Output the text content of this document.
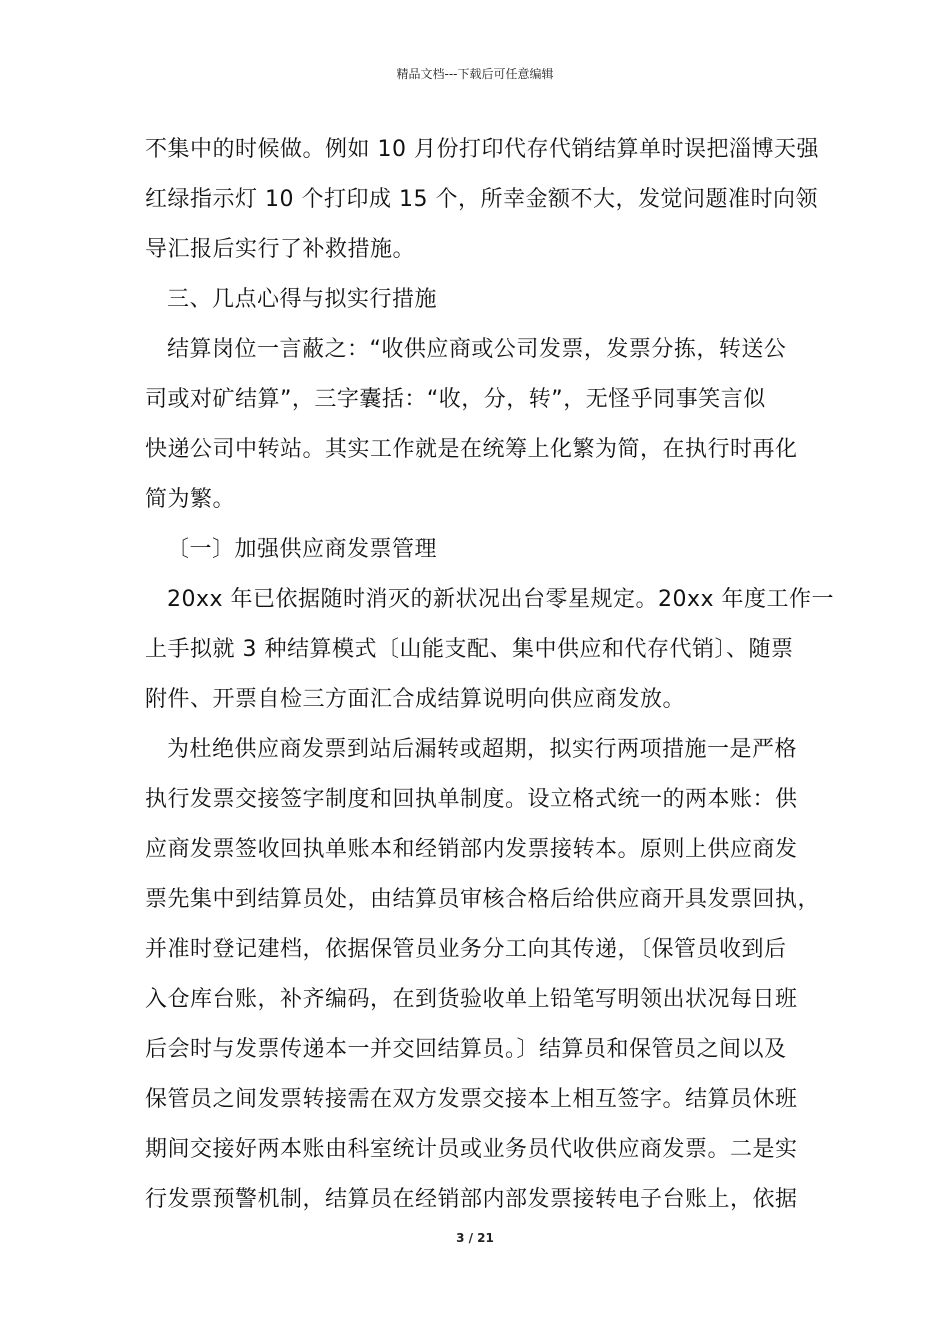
精品文档---下载后可任意编辑
不集中的时候做。例如 10 月份打印代存代销结算单时误把淄博天强
红绿指示灯 10 个打印成 15 个，所幸金额不大，发觉问题准时向领
导汇报后实行了补救措施。
三、几点心得与拟实行措施
结算岗位一言蔽之：“收供应商或公司发票，发票分拣，转送公
司或对矿结算”，三字囊括：“收，分，转”，无怪乎同事笑言似
快递公司中转站。其实工作就是在统筹上化繁为简，在执行时再化
简为繁。
〔一〕加强供应商发票管理
20xx 年已依据随时消灭的新状况出台零星规定。20xx 年度工作一
上手拟就 3 种结算模式〔山能支配、集中供应和代存代销〕、随票
附件、开票自检三方面汇合成结算说明向供应商发放。
为杜绝供应商发票到站后漏转或超期，拟实行两项措施一是严格
执行发票交接签字制度和回执单制度。设立格式统一的两本账：供
应商发票签收回执单账本和经销部内发票接转本。原则上供应商发
票先集中到结算员处，由结算员审核合格后给供应商开具发票回执，
并准时登记建档，依据保管员业务分工向其传递，〔保管员收到后
入仓库台账，补齐编码，在到货验收单上铅笔写明领出状况每日班
后会时与发票传递本一并交回结算员。〕结算员和保管员之间以及
保管员之间发票转接需在双方发票交接本上相互签字。结算员休班
期间交接好两本账由科室统计员或业务员代收供应商发票。二是实
行发票预警机制，结算员在经销部内部发票接转电子台账上，依据
3 / 21
